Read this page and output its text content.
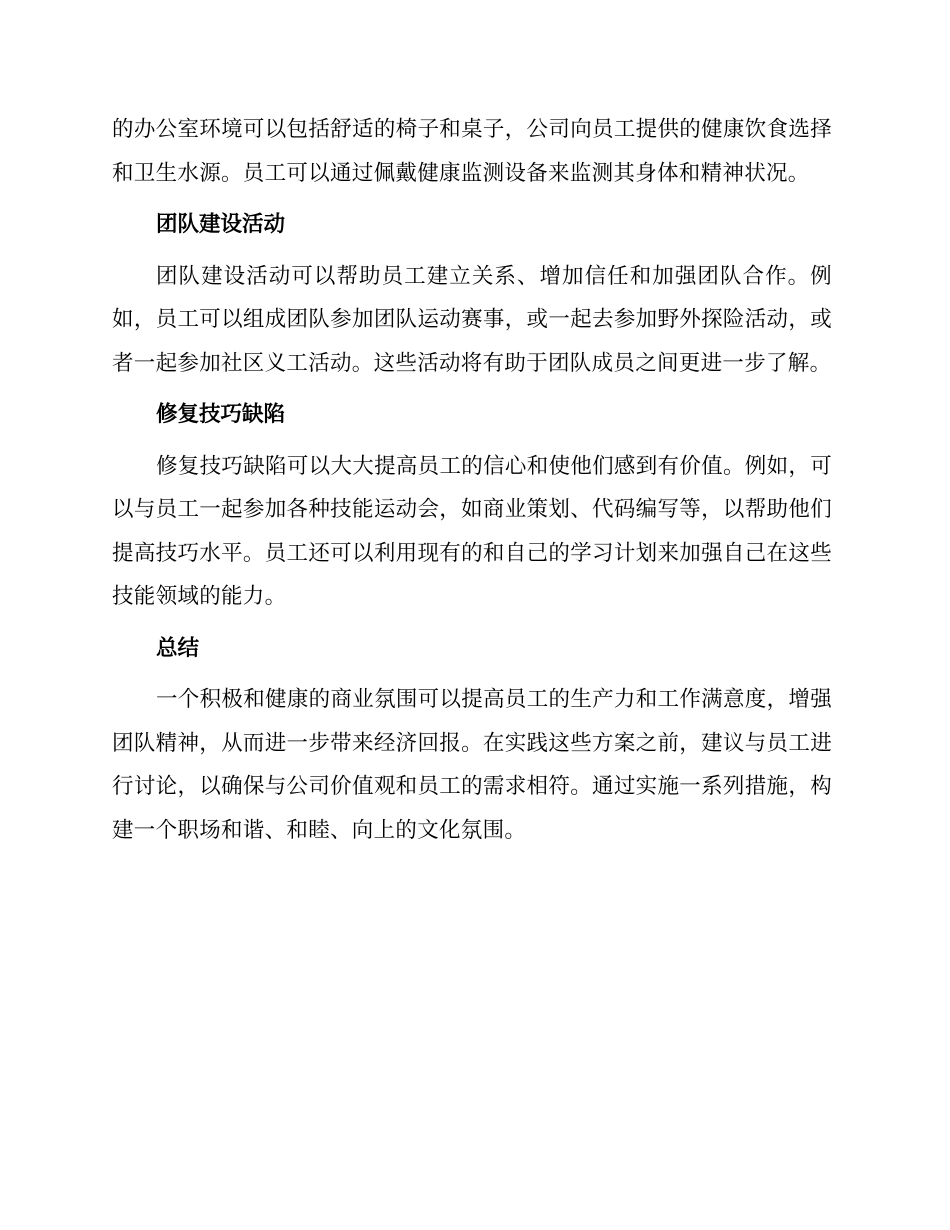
的办公室环境可以包括舒适的椅子和桌子，公司向员工提供的健康饮食选择和卫生水源。员工可以通过佩戴健康监测设备来监测其身体和精神状况。

团队建设活动

团队建设活动可以帮助员工建立关系、增加信任和加强团队合作。例如，员工可以组成团队参加团队运动赛事，或一起去参加野外探险活动，或者一起参加社区义工活动。这些活动将有助于团队成员之间更进一步了解。

修复技巧缺陷

修复技巧缺陷可以大大提高员工的信心和使他们感到有价值。例如，可以与员工一起参加各种技能运动会，如商业策划、代码编写等，以帮助他们提高技巧水平。员工还可以利用现有的和自己的学习计划来加强自己在这些技能领域的能力。

总结

一个积极和健康的商业氛围可以提高员工的生产力和工作满意度，增强团队精神，从而进一步带来经济回报。在实践这些方案之前，建议与员工进行讨论，以确保与公司价值观和员工的需求相符。通过实施一系列措施，构建一个职场和谐、和睦、向上的文化氛围。
